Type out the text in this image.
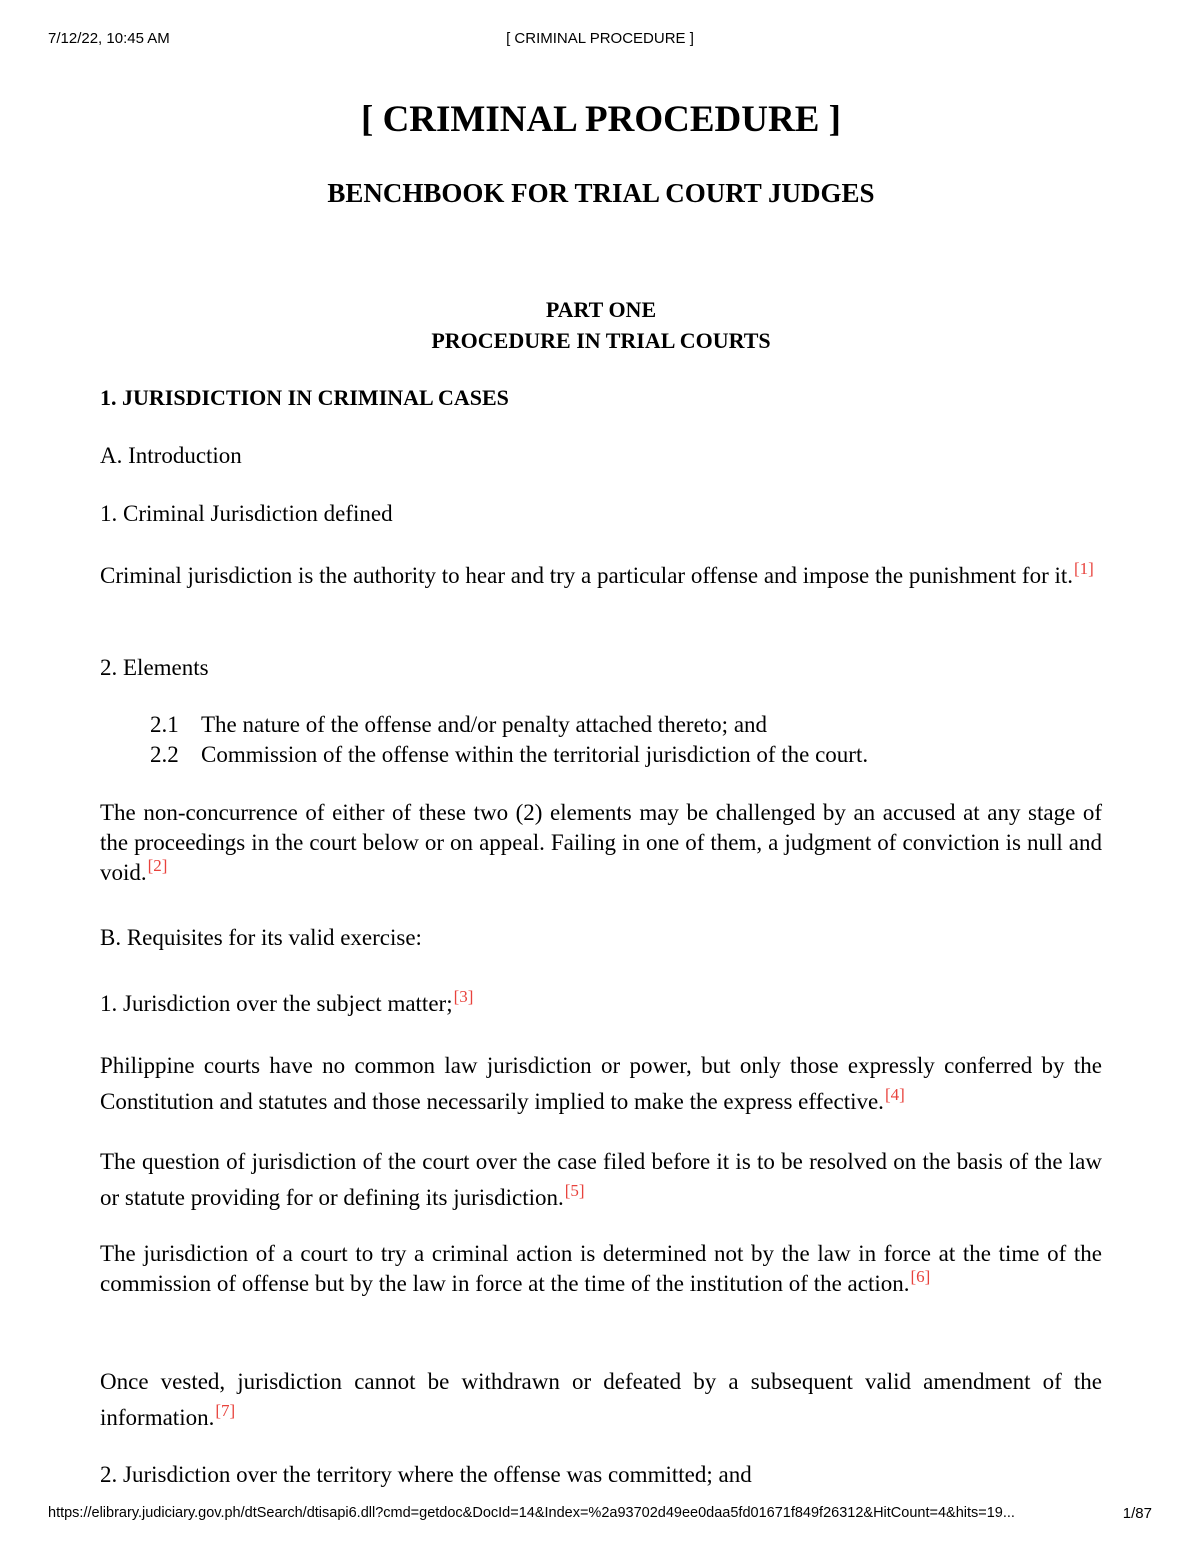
7/12/22, 10:45 AM	[ CRIMINAL PROCEDURE ]
[ CRIMINAL PROCEDURE ]
BENCHBOOK FOR TRIAL COURT JUDGES
PART ONE
PROCEDURE IN TRIAL COURTS

1. JURISDICTION IN CRIMINAL CASES

A. Introduction

1. Criminal Jurisdiction defined

Criminal jurisdiction is the authority to hear and try a particular offense and impose the punishment for it.[1]

2. Elements

2.1 The nature of the offense and/or penalty attached thereto; and
2.2 Commission of the offense within the territorial jurisdiction of the court.

The non-concurrence of either of these two (2) elements may be challenged by an accused at any stage of the proceedings in the court below or on appeal. Failing in one of them, a judgment of conviction is null and void.[2]

B. Requisites for its valid exercise:

1. Jurisdiction over the subject matter;[3]

Philippine courts have no common law jurisdiction or power, but only those expressly conferred by the Constitution and statutes and those necessarily implied to make the express effective.[4]

The question of jurisdiction of the court over the case filed before it is to be resolved on the basis of the law or statute providing for or defining its jurisdiction.[5]

The jurisdiction of a court to try a criminal action is determined not by the law in force at the time of the commission of offense but by the law in force at the time of the institution of the action.[6]

Once vested, jurisdiction cannot be withdrawn or defeated by a subsequent valid amendment of the information.[7]

2. Jurisdiction over the territory where the offense was committed; and

https://elibrary.judiciary.gov.ph/dtSearch/dtisapi6.dll?cmd=getdoc&DocId=14&Index=%2a93702d49ee0daa5fd01671f849f26312&HitCount=4&hits=19...	1/87
